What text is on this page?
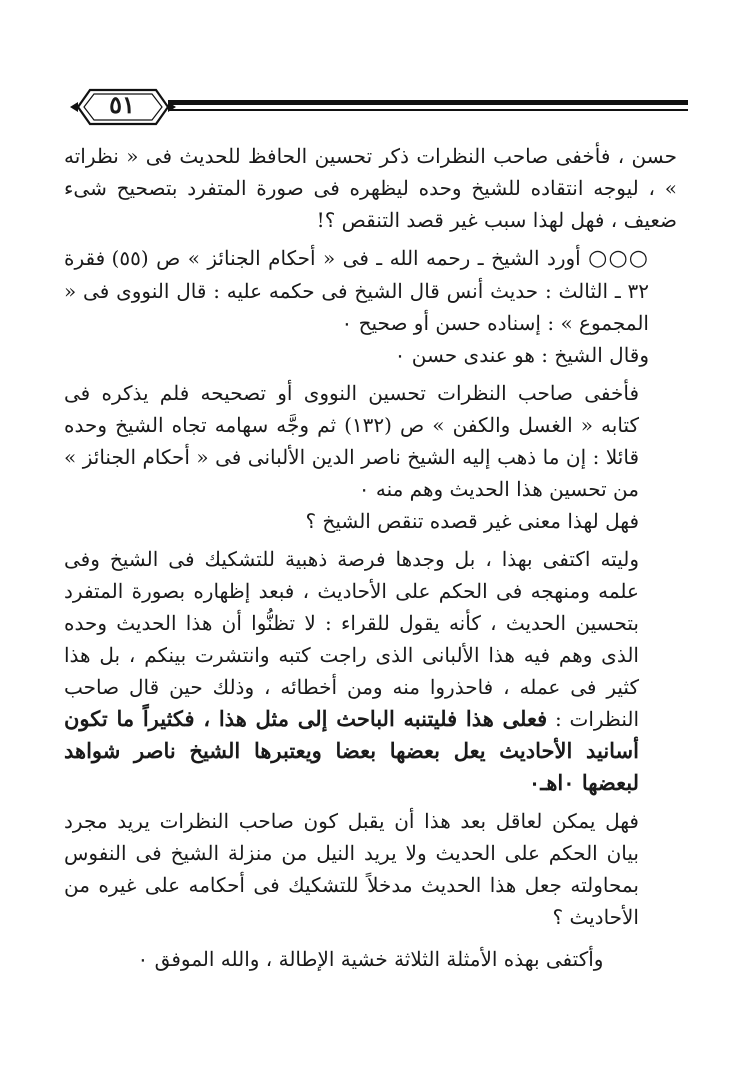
٥١

حسن ، فأخفى صاحب النظرات ذكر تحسين الحافظ للحديث فى « نظراته » ، ليوجه انتقاده للشيخ وحده ليظهره فى صورة المتفرد بتصحيح شىء ضعيف ، فهل لهذا سبب غير قصد التنقص ؟!

○○○ أورد الشيخ ـ رحمه الله ـ فى « أحكام الجنائز » ص (٥٥) فقرة ٣٢ ـ الثالث : حديث أنس قال الشيخ فى حكمه عليه : قال النووى فى « المجموع » : إسناده حسن أو صحيح ٠

وقال الشيخ : هو عندى حسن ٠

فأخفى صاحب النظرات تحسين النووى أو تصحيحه فلم يذكره فى كتابه « الغسل والكفن » ص (١٣٢) ثم وجَّه سهامه تجاه الشيخ وحده قائلا : إن ما ذهب إليه الشيخ ناصر الدين الألبانى فى « أحكام الجنائز » من تحسين هذا الحديث وهم منه ٠

فهل لهذا معنى غير قصده تنقص الشيخ ؟

وليته اكتفى بهذا ، بل وجدها فرصة ذهبية للتشكيك فى الشيخ وفى علمه ومنهجه فى الحكم على الأحاديث ، فبعد إظهاره بصورة المتفرد بتحسين الحديث ، كأنه يقول للقراء : لا تظنُّوا أن هذا الحديث وحده الذى وهم فيه هذا الألبانى الذى راجت كتبه وانتشرت بينكم ، بل هذا كثير فى عمله ، فاحذروا منه ومن أخطائه ، وذلك حين قال صاحب النظرات : فعلى هذا فليتنبه الباحث إلى مثل هذا ، فكثيراً ما تكون أسانيد الأحاديث يعل بعضها بعضا ويعتبرها الشيخ ناصر شواهد لبعضها ٠اهـ٠

فهل يمكن لعاقل بعد هذا أن يقبل كون صاحب النظرات يريد مجرد بيان الحكم على الحديث ولا يريد النيل من منزلة الشيخ فى النفوس بمحاولته جعل هذا الحديث مدخلاً للتشكيك فى أحكامه على غيره من الأحاديث ؟

وأكتفى بهذه الأمثلة الثلاثة خشية الإطالة ، والله الموفق ٠
